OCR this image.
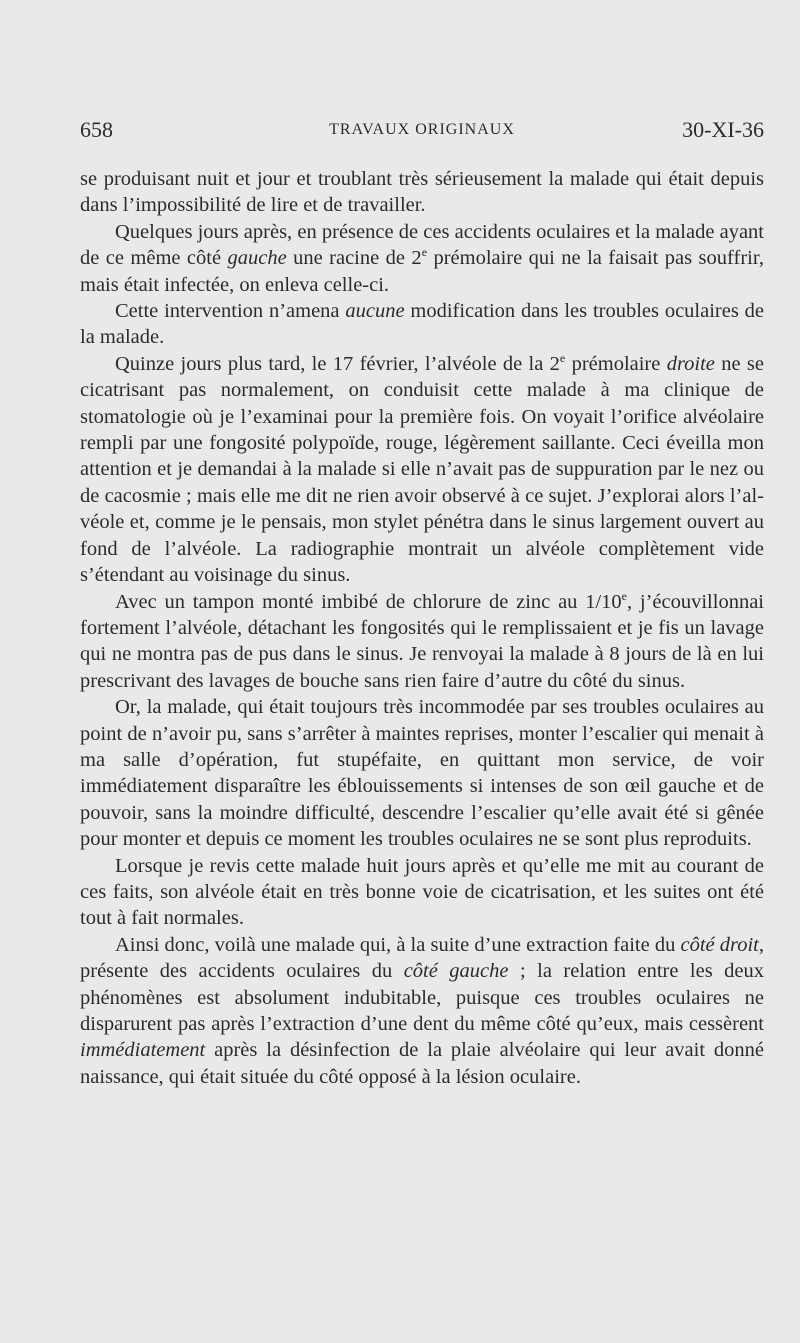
658	TRAVAUX ORIGINAUX	30-XI-36

se produisant nuit et jour et troublant très sérieusement la malade qui était depuis dans l’impossibilité de lire et de travailler.

Quelques jours après, en présence de ces accidents oculaires et la malade ayant de ce même côté gauche une racine de 2e prémolaire qui ne la faisait pas souffrir, mais était infectée, on enleva celle-ci.

Cette intervention n’amena aucune modification dans les troubles oculaires de la malade.

Quinze jours plus tard, le 17 février, l’alvéole de la 2e prémolaire droite ne se cicatrisant pas normalement, on conduisit cette malade à ma clinique de stomatologie où je l’examinai pour la première fois. On voyait l’orifice alvéolaire rempli par une fongosité polypoïde, rouge, légèrement saillante. Ceci éveilla mon attention et je demandai à la malade si elle n’avait pas de suppuration par le nez ou de cacosmie ; mais elle me dit ne rien avoir observé à ce sujet. J’explorai alors l’alvéole et, comme je le pensais, mon stylet pénétra dans le sinus largement ouvert au fond de l’alvéole. La radiographie montrait un alvéole complètement vide s’étendant au voisinage du sinus.

Avec un tampon monté imbibé de chlorure de zinc au 1/10e, j’écouvillonnai fortement l’alvéole, détachant les fongosités qui le remplissaient et je fis un lavage qui ne montra pas de pus dans le sinus. Je renvoyai la malade à 8 jours de là en lui prescrivant des lavages de bouche sans rien faire d’autre du côté du sinus.

Or, la malade, qui était toujours très incommodée par ses troubles oculaires au point de n’avoir pu, sans s’arrêter à maintes reprises, monter l’escalier qui menait à ma salle d’opération, fut stupéfaite, en quittant mon service, de voir immédiatement disparaître les éblouissements si intenses de son œil gauche et de pouvoir, sans la moindre difficulté, descendre l’escalier qu’elle avait été si gênée pour monter et depuis ce moment les troubles oculaires ne se sont plus reproduits.

Lorsque je revis cette malade huit jours après et qu’elle me mit au courant de ces faits, son alvéole était en très bonne voie de cicatrisation, et les suites ont été tout à fait normales.

Ainsi donc, voilà une malade qui, à la suite d’une extraction faite du côté droit, présente des accidents oculaires du côté gauche ; la relation entre les deux phénomènes est absolument indubitable, puisque ces troubles oculaires ne disparurent pas après l’extraction d’une dent du même côté qu’eux, mais cessèrent immédiatement après la désinfection de la plaie alvéolaire qui leur avait donné naissance, qui était située du côté opposé à la lésion oculaire.
